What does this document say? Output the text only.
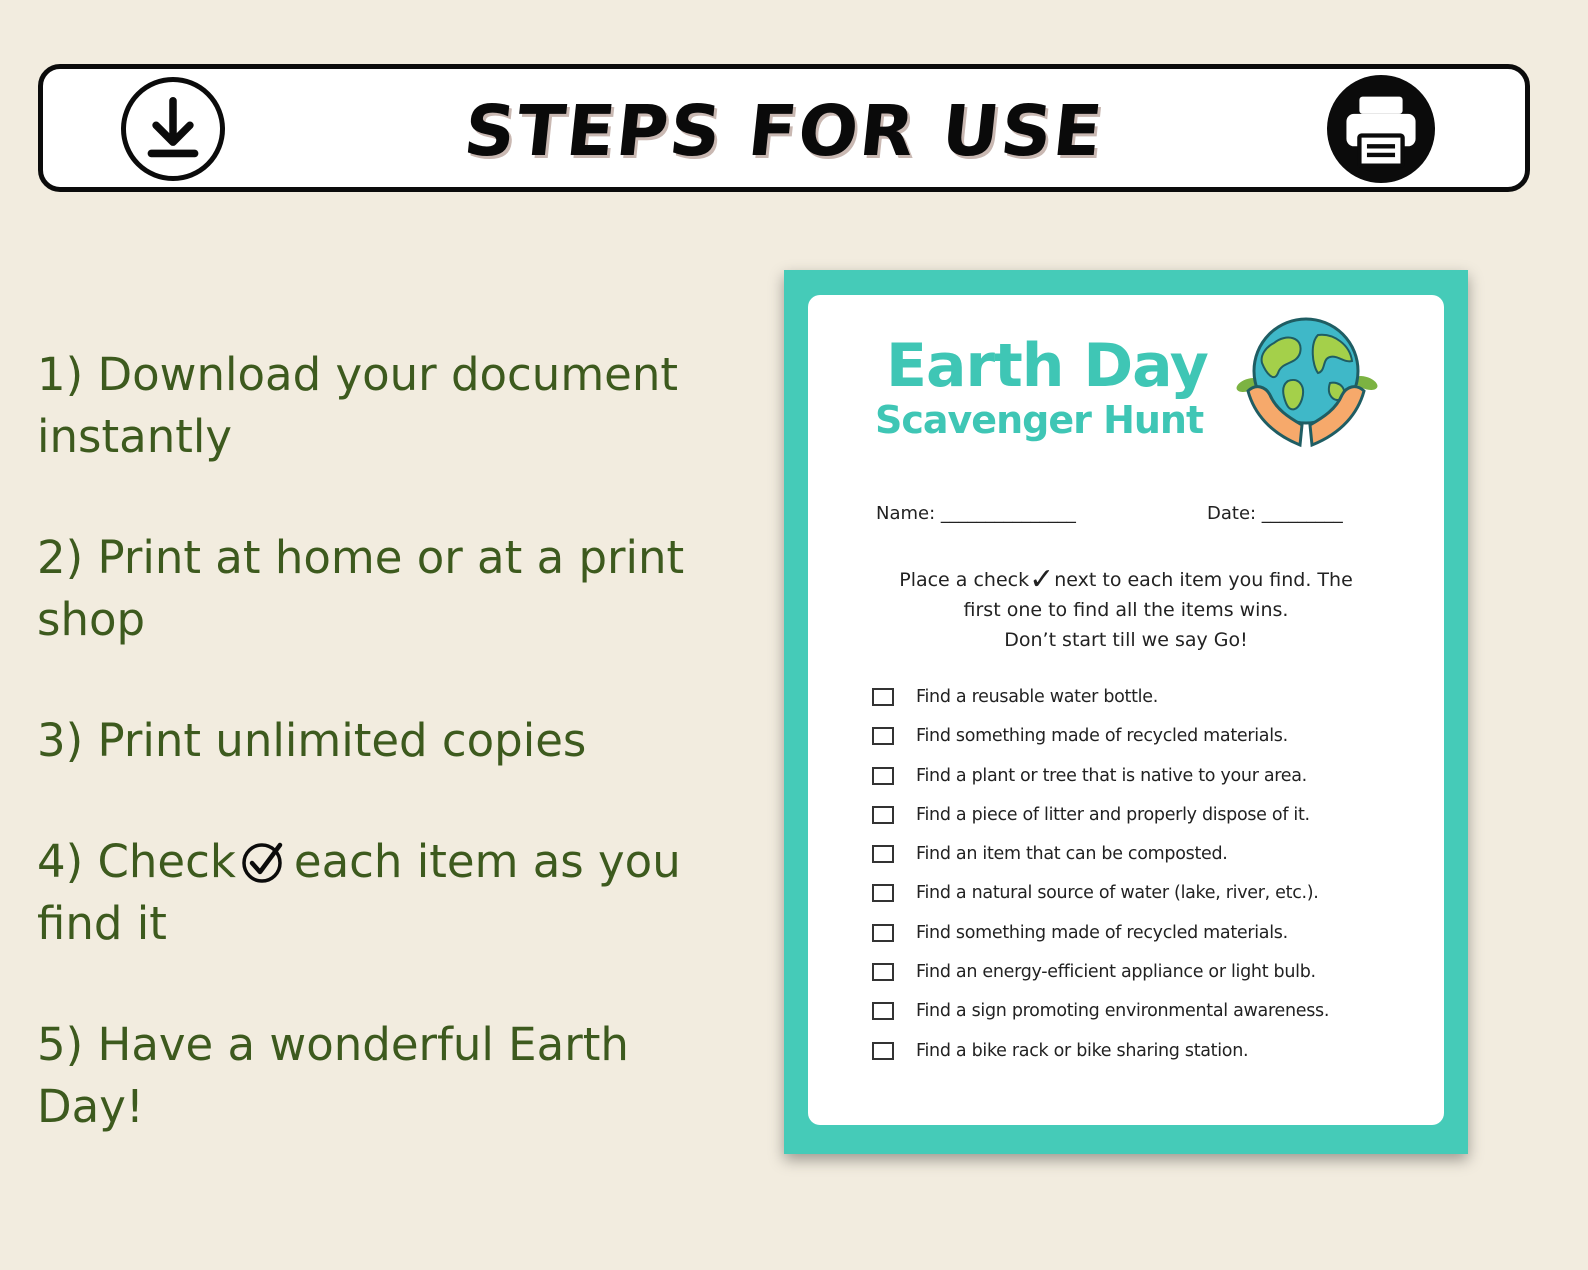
STEPS FOR USE
1) Download your document instantly
2) Print at home or at a print shop
3) Print unlimited copies
4) Check each item as you find it
5) Have a wonderful Earth Day!
Earth Day
Scavenger Hunt
Name: _______________	Date: _________
Place a check✓next to each item you find. The
first one to find all the items wins.
Don’t start till we say Go!
Find a reusable water bottle.
Find something made of recycled materials.
Find a plant or tree that is native to your area.
Find a piece of litter and properly dispose of it.
Find an item that can be composted.
Find a natural source of water (lake, river, etc.).
Find something made of recycled materials.
Find an energy-efficient appliance or light bulb.
Find a sign promoting environmental awareness.
Find a bike rack or bike sharing station.
